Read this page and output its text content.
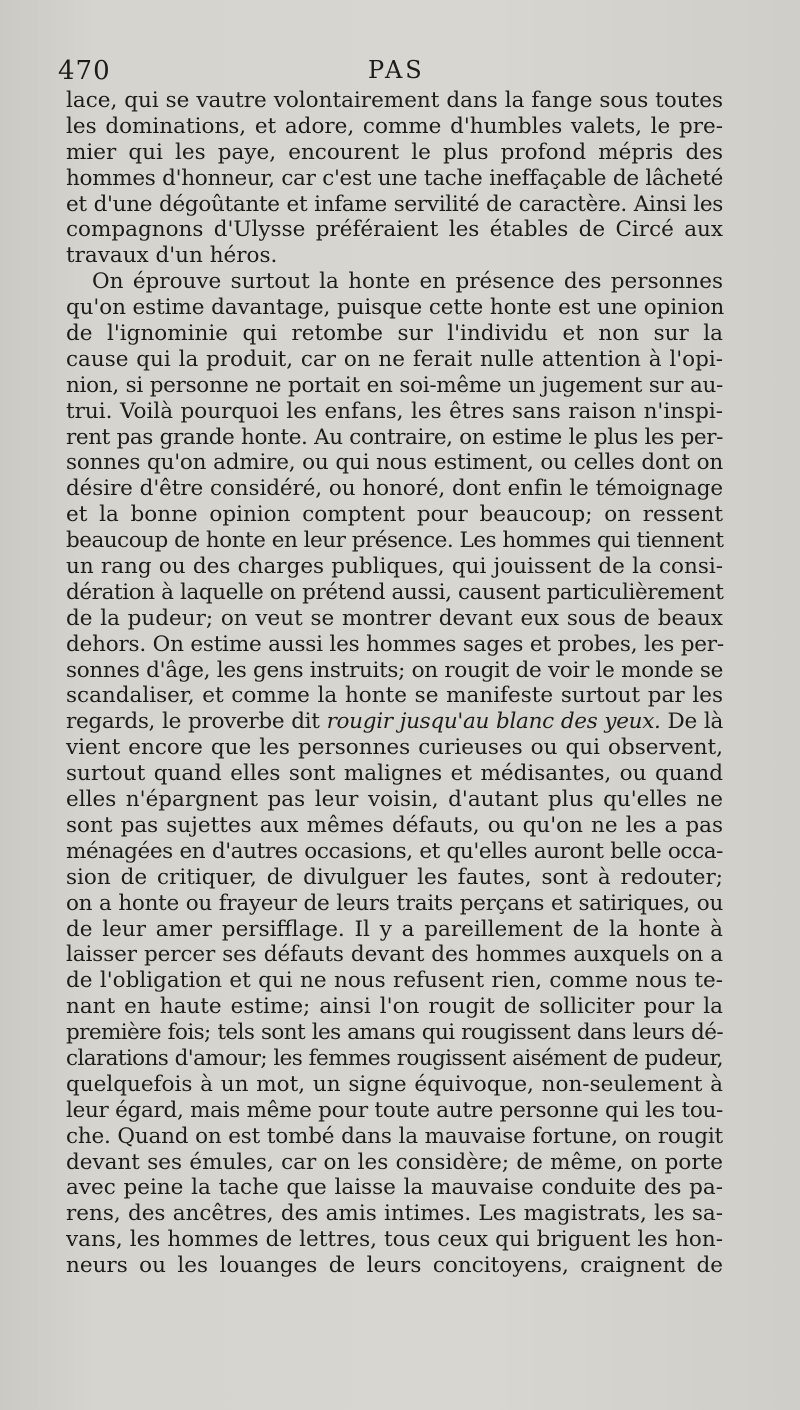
470	PAS
lace, qui se vautre volontairement dans la fange sous toutes
les dominations, et adore, comme d'humbles valets, le pre-
mier qui les paye, encourent le plus profond mépris des
hommes d'honneur, car c'est une tache ineffaçable de lâcheté
et d'une dégoûtante et infame servilité de caractère. Ainsi les
compagnons d'Ulysse préféraient les étables de Circé aux
travaux d'un héros.
On éprouve surtout la honte en présence des personnes
qu'on estime davantage, puisque cette honte est une opinion
de l'ignominie qui retombe sur l'individu et non sur la
cause qui la produit, car on ne ferait nulle attention à l'opi-
nion, si personne ne portait en soi-même un jugement sur au-
trui. Voilà pourquoi les enfans, les êtres sans raison n'inspi-
rent pas grande honte. Au contraire, on estime le plus les per-
sonnes qu'on admire, ou qui nous estiment, ou celles dont on
désire d'être considéré, ou honoré, dont enfin le témoignage
et la bonne opinion comptent pour beaucoup; on ressent
beaucoup de honte en leur présence. Les hommes qui tiennent
un rang ou des charges publiques, qui jouissent de la consi-
dération à laquelle on prétend aussi, causent particulièrement
de la pudeur; on veut se montrer devant eux sous de beaux
dehors. On estime aussi les hommes sages et probes, les per-
sonnes d'âge, les gens instruits; on rougit de voir le monde se
scandaliser, et comme la honte se manifeste surtout par les
regards, le proverbe dit rougir jusqu'au blanc des yeux. De là
vient encore que les personnes curieuses ou qui observent,
surtout quand elles sont malignes et médisantes, ou quand
elles n'épargnent pas leur voisin, d'autant plus qu'elles ne
sont pas sujettes aux mêmes défauts, ou qu'on ne les a pas
ménagées en d'autres occasions, et qu'elles auront belle occa-
sion de critiquer, de divulguer les fautes, sont à redouter;
on a honte ou frayeur de leurs traits perçans et satiriques, ou
de leur amer persifflage. Il y a pareillement de la honte à
laisser percer ses défauts devant des hommes auxquels on a
de l'obligation et qui ne nous refusent rien, comme nous te-
nant en haute estime; ainsi l'on rougit de solliciter pour la
première fois; tels sont les amans qui rougissent dans leurs dé-
clarations d'amour; les femmes rougissent aisément de pudeur,
quelquefois à un mot, un signe équivoque, non-seulement à
leur égard, mais même pour toute autre personne qui les tou-
che. Quand on est tombé dans la mauvaise fortune, on rougit
devant ses émules, car on les considère; de même, on porte
avec peine la tache que laisse la mauvaise conduite des pa-
rens, des ancêtres, des amis intimes. Les magistrats, les sa-
vans, les hommes de lettres, tous ceux qui briguent les hon-
neurs ou les louanges de leurs concitoyens, craignent de
